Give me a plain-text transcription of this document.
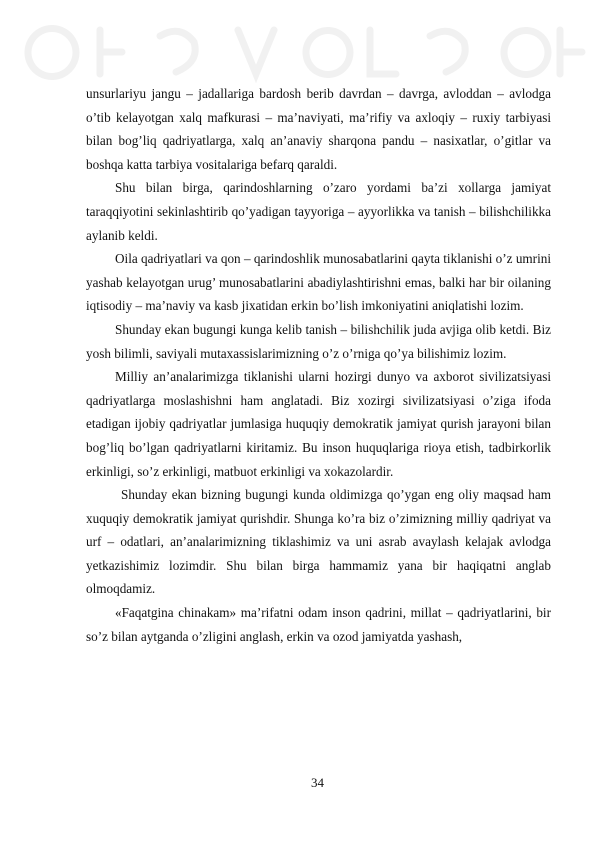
unsurlariyu jangu – jadallariga bardosh berib davrdan – davrga, avloddan – avlodga o’tib kelayotgan xalq mafkurasi – ma’naviyati, ma’rifiy va axloqiy – ruxiy tarbiyasi bilan bog’liq qadriyatlarga, xalq an’anaviy sharqona pandu – nasixatlar, o’gitlar va boshqa katta tarbiya vositalariga befarq qaraldi.

Shu bilan birga, qarindoshlarning o’zaro yordami ba’zi xollarga jamiyat taraqqiyotini sekinlashtirib qo’yadigan tayyoriga – ayyorlikka va tanish – bilishchilikka aylanib keldi.

Oila qadriyatlari va qon – qarindoshlik munosabatlarini qayta tiklanishi o’z umrini yashab kelayotgan urug’ munosabatlarini abadiylashtirishni emas, balki har bir oilaning iqtisodiy – ma’naviy va kasb jixatidan erkin bo’lish imkoniyatini aniqlatishi lozim.

Shunday ekan bugungi kunga kelib tanish – bilishchilik juda avjiga olib ketdi. Biz yosh bilimli, saviyali mutaxassislarimizning o’z o’rniga qo’ya bilishimiz lozim.

Milliy an’analarimizga tiklanishi ularni hozirgi dunyo va axborot sivilizatsiyasi qadriyatlarga moslashishni ham anglatadi. Biz xozirgi sivilizatsiyasi o’ziga ifoda etadigan ijobiy qadriyatlar jumlasiga huquqiy demokratik jamiyat qurish jarayoni bilan bog’liq bo’lgan qadriyatlarni kiritamiz. Bu inson huquqlariga rioya etish, tadbirkorlik erkinligi, so’z erkinligi, matbuot erkinligi va xokazolardir.

Shunday ekan bizning bugungi kunda oldimizga qo’ygan eng oliy maqsad ham xuquqiy demokratik jamiyat qurishdir. Shunga ko’ra biz o’zimizning milliy qadriyat va urf – odatlari, an’analarimizning tiklashimiz va uni asrab avaylash kelajak avlodga yetkazishimiz lozimdir. Shu bilan birga hammamiz yana bir haqiqatni anglab olmoqdamiz.

«Faqatgina chinakam» ma’rifatni odam inson qadrini, millat – qadriyatlarini, bir so’z bilan aytganda o’zligini anglash, erkin va ozod jamiyatda yashash,

34
